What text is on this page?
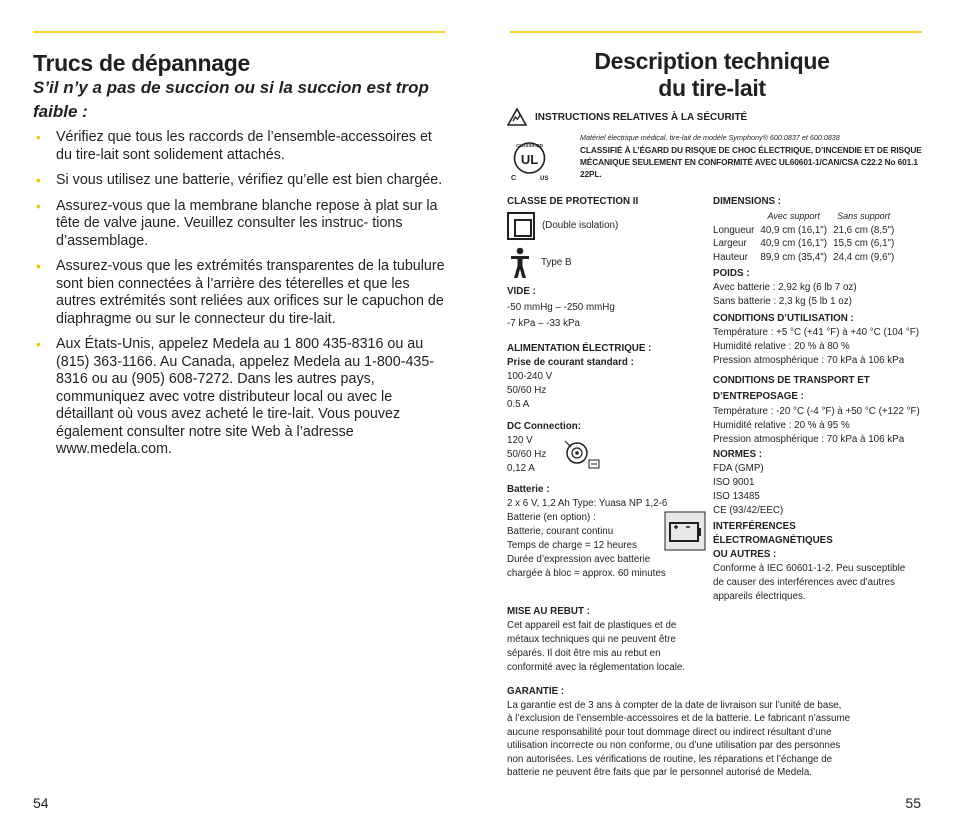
Trucs de dépannage
S’il n’y a pas de succion ou si la succion est trop faible :
• Vérifiez que tous les raccords de l’ensemble-accessoires et du tire-lait sont solidement attachés.
• Si vous utilisez une batterie, vérifiez qu’elle est bien chargée.
• Assurez-vous que la membrane blanche repose à plat sur la tête de valve jaune. Veuillez consulter les instruc- tions d’assemblage.
• Assurez-vous que les extrémités transparentes de la tubulure sont bien connectées à l’arrière des téterelles et que les autres extrémités sont reliées aux orifices sur le capuchon de diaphragme ou sur le connecteur du tire-lait.
• Aux États-Unis, appelez Medela au 1 800 435-8316 ou au (815) 363-1166. Au Canada, appelez Medela au 1-800-435-8316 ou au (905) 608-7272. Dans les autres pays, communiquez avec votre distributeur local ou avec le détaillant où vous avez acheté le tire-lait. Vous pouvez également consulter notre site Web à l’adresse www.medela.com.
54
Description technique
du tire-lait
INSTRUCTIONS RELATIVES À LA SÉCURITÉ
CLASSIFIED
UL
C	US
Matériel électrique médical, tire-lait de modèle Symphony® 600.0837 et 600.0838
CLASSIFIÉ À L’ÉGARD DU RISQUE DE CHOC ÉLECTRIQUE, D’INCENDIE ET DE RISQUE MÉCANIQUE SEULEMENT EN CONFORMITÉ AVEC UL60601-1/CAN/CSA C22.2 No 601.1 22PL.
CLASSE DE PROTECTION II
(Double isolation)
Type B
VIDE :
-50 mmHg – -250 mmHg
-7 kPa – -33 kPa
ALIMENTATION ÉLECTRIQUE :
Prise de courant standard :
100-240 V
50/60 Hz
0.5 A
DC Connection:
120 V
50/60 Hz
0,12 A
Batterie :
2 x 6 V, 1,2 Ah Type: Yuasa NP 1,2-6
Batterie (en option) :
Batterie, courant continu
Temps de charge = 12 heures
Durée d’expression avec batterie
chargée à bloc = approx. 60 minutes
MISE AU REBUT :
Cet appareil est fait de plastiques et de
métaux techniques qui ne peuvent être
séparés. Il doit être mis au rebut en
conformité avec la réglementation locale.
DIMENSIONS :
	Avec support	Sans support
Longueur	40,9 cm (16,1")	21,6 cm (8,5")
Largeur	40,9 cm (16,1")	15,5 cm (6,1")
Hauteur	89,9 cm (35,4")	24,4 cm (9,6")
POIDS :
Avec batterie : 2,92 kg (6 lb 7 oz)
Sans batterie : 2,3 kg (5 lb 1 oz)
CONDITIONS D’UTILISATION :
Température : +5 °C (+41 °F) à +40 °C (104 °F)
Humidité relative : 20 % à 80 %
Pression atmosphérique : 70 kPa à 106 kPa
CONDITIONS DE TRANSPORT ET
D’ENTREPOSAGE :
Température : -20 °C (-4 °F) à +50 °C (+122 °F)
Humidité relative : 20 % à 95 %
Pression atmosphérique : 70 kPa à 106 kPa
NORMES :
FDA (GMP)
ISO 9001
ISO 13485
CE (93/42/EEC)
INTERFÉRENCES
ÉLECTROMAGNÉTIQUES
OU AUTRES :
Conforme à IEC 60601-1-2. Peu susceptible
de causer des interférences avec d’autres
appareils électriques.
GARANTIE :
La garantie est de 3 ans à compter de la date de livraison sur l’unité de base,
à l’exclusion de l’ensemble-accessoires et de la batterie. Le fabricant n’assume
aucune responsabilité pour tout dommage direct ou indirect résultant d’une
utilisation incorrecte ou non conforme, ou d’une utilisation par des personnes
non autorisées. Les vérifications de routine, les réparations et l’échange de
batterie ne peuvent être faits que par le personnel autorisé de Medela.
55
